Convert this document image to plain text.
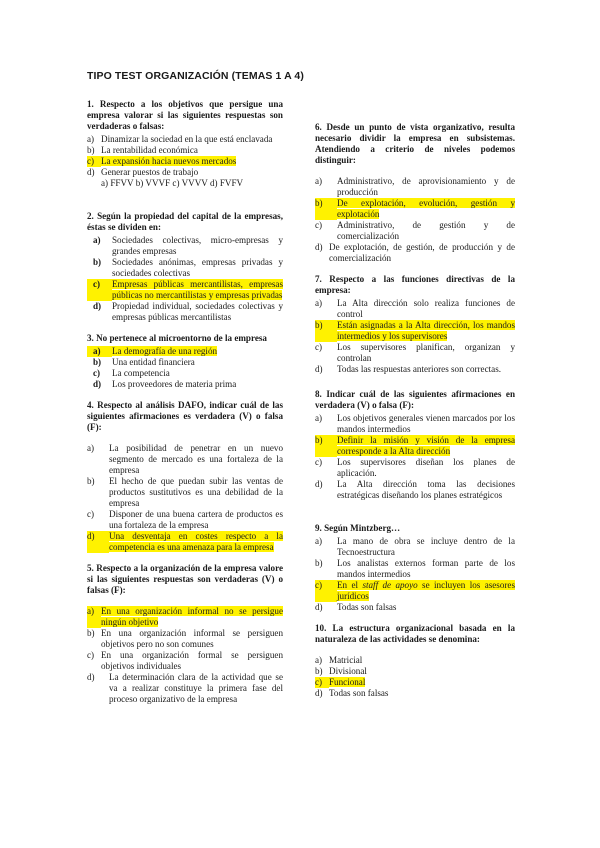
TIPO TEST ORGANIZACIÓN (TEMAS 1 A 4)

1. Respecto a los objetivos que persigue una empresa valorar si las siguientes respuestas son verdaderas o falsas:

a) Dinamizar la sociedad en la que está enclavada
b) La rentabilidad económica
c) La expansión hacia nuevos mercados
d) Generar puestos de trabajo

a) FFVV b) VVVF c) VVVV d) FVFV

2. Según la propiedad del capital de la empresas, éstas se dividen en:

a)	Sociedades colectivas, micro-empresas y grandes empresas
b)	Sociedades anónimas, empresas privadas y sociedades colectivas
c)	Empresas públicas mercantilistas, empresas públicas no mercantilistas y empresas privadas
d)	Propiedad individual, sociedades colectivas y empresas públicas mercantilistas

3. No pertenece al microentorno de la empresa

a)	La demografía de una región
b)	Una entidad financiera
c)	La competencia
d)	Los proveedores de materia prima

4. Respecto al análisis DAFO, indicar cuál de las siguientes afirmaciones es verdadera (V) o falsa (F):

a)	La posibilidad de penetrar en un nuevo segmento de mercado es una fortaleza de la empresa
b)	El hecho de que puedan subir las ventas de productos sustitutivos es una debilidad de la empresa
c)	Disponer de una buena cartera de productos es una fortaleza de la empresa
d)	Una desventaja en costes respecto a la competencia es una amenaza para la empresa

5. Respecto a la organización de la empresa valore si las siguientes respuestas son verdaderas (V) o falsas (F):

a) En una organización informal no se persigue ningún objetivo
b) En una organización informal se persiguen objetivos pero no son comunes
c) En una organización formal se persiguen objetivos individuales
d)	La determinación clara de la actividad que se va a realizar constituye la primera fase del proceso organizativo de la empresa

6. Desde un punto de vista organizativo, resulta necesario dividir la empresa en subsistemas. Atendiendo a criterio de niveles podemos distinguir:

a)	Administrativo, de aprovisionamiento y de producción
b)	De explotación, evolución, gestión y explotación
c)	Administrativo, de gestión y de comercialización
d) De explotación, de gestión, de producción y de comercialización

7. Respecto a las funciones directivas de la empresa:

a)	La Alta dirección solo realiza funciones de control
b)	Están asignadas a la Alta dirección, los mandos intermedios y los supervisores
c)	Los supervisores planifican, organizan y controlan
d)	Todas las respuestas anteriores son correctas.

8. Indicar cuál de las siguientes afirmaciones en verdadera (V) o falsa (F):

a)	Los objetivos generales vienen marcados por los mandos intermedios
b)	Definir la misión y visión de la empresa corresponde a la Alta dirección
c)	Los supervisores diseñan los planes de aplicación.
d)	La Alta dirección toma las decisiones estratégicas diseñando los planes estratégicos

9. Según Mintzberg…

a)	La mano de obra se incluye dentro de la Tecnoestructura
b)	Los analistas externos forman parte de los mandos intermedios
c)	En el staff de apoyo se incluyen los asesores jurídicos
d)	Todas son falsas

10. La estructura organizacional basada en la naturaleza de las actividades se denomina:

a) Matricial
b) Divisional
c) Funcional
d) Todas son falsas
